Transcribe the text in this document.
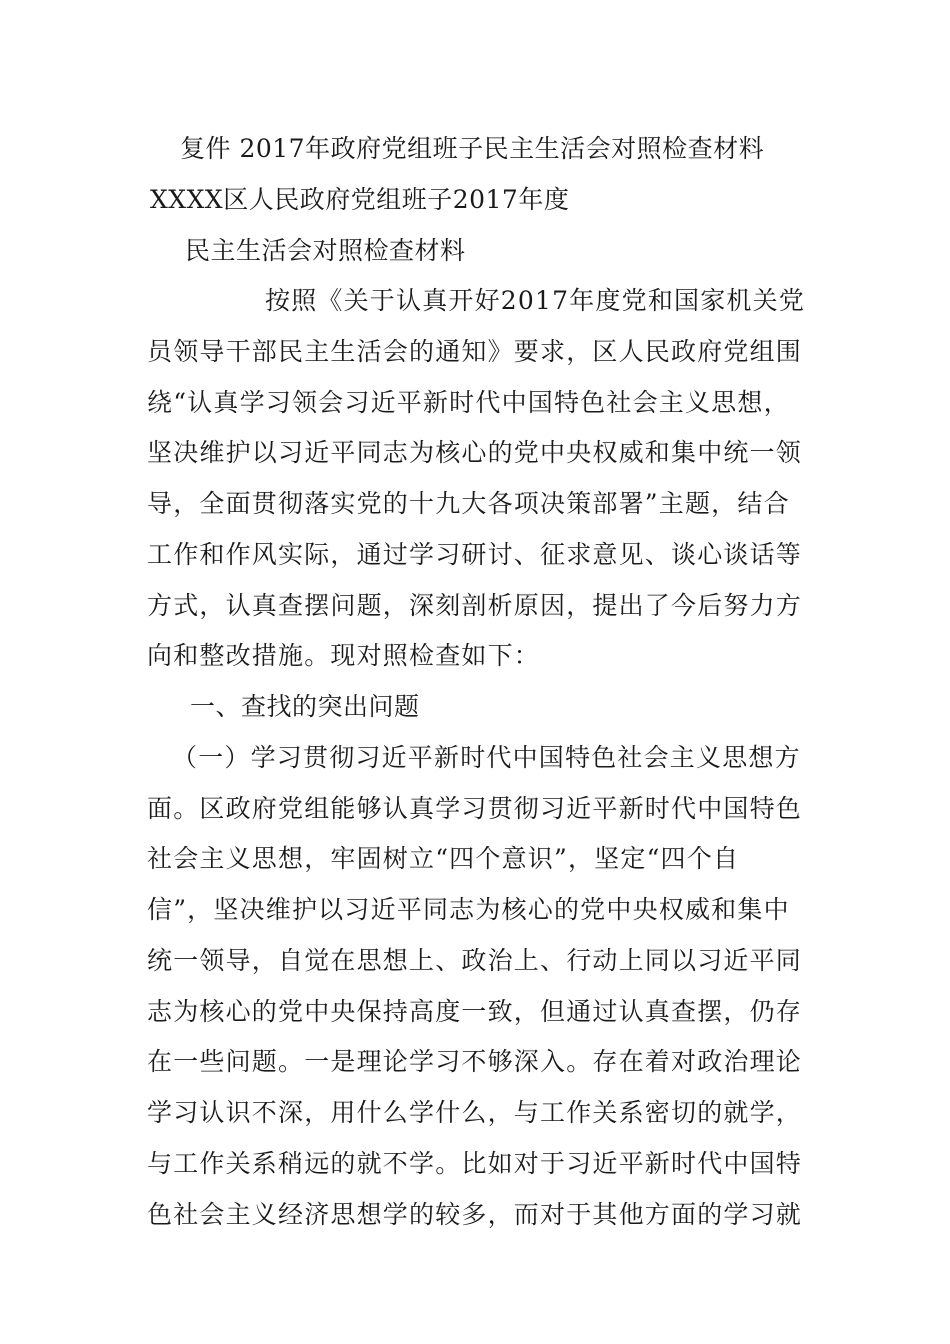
复件 2017年政府党组班子民主生活会对照检查材料
XXXX区人民政府党组班子2017年度
民主生活会对照检查材料
按照《关于认真开好2017年度党和国家机关党
员领导干部民主生活会的通知》要求，区人民政府党组围
绕“认真学习领会习近平新时代中国特色社会主义思想，
坚决维护以习近平同志为核心的党中央权威和集中统一领
导，全面贯彻落实党的十九大各项决策部署”主题，结合
工作和作风实际，通过学习研讨、征求意见、谈心谈话等
方式，认真查摆问题，深刻剖析原因，提出了今后努力方
向和整改措施。现对照检查如下：
一、查找的突出问题
（一）学习贯彻习近平新时代中国特色社会主义思想方
面。区政府党组能够认真学习贯彻习近平新时代中国特色
社会主义思想，牢固树立“四个意识”，坚定“四个自
信”，坚决维护以习近平同志为核心的党中央权威和集中
统一领导，自觉在思想上、政治上、行动上同以习近平同
志为核心的党中央保持高度一致，但通过认真查摆，仍存
在一些问题。一是理论学习不够深入。存在着对政治理论
学习认识不深，用什么学什么，与工作关系密切的就学，
与工作关系稍远的就不学。比如对于习近平新时代中国特
色社会主义经济思想学的较多，而对于其他方面的学习就
